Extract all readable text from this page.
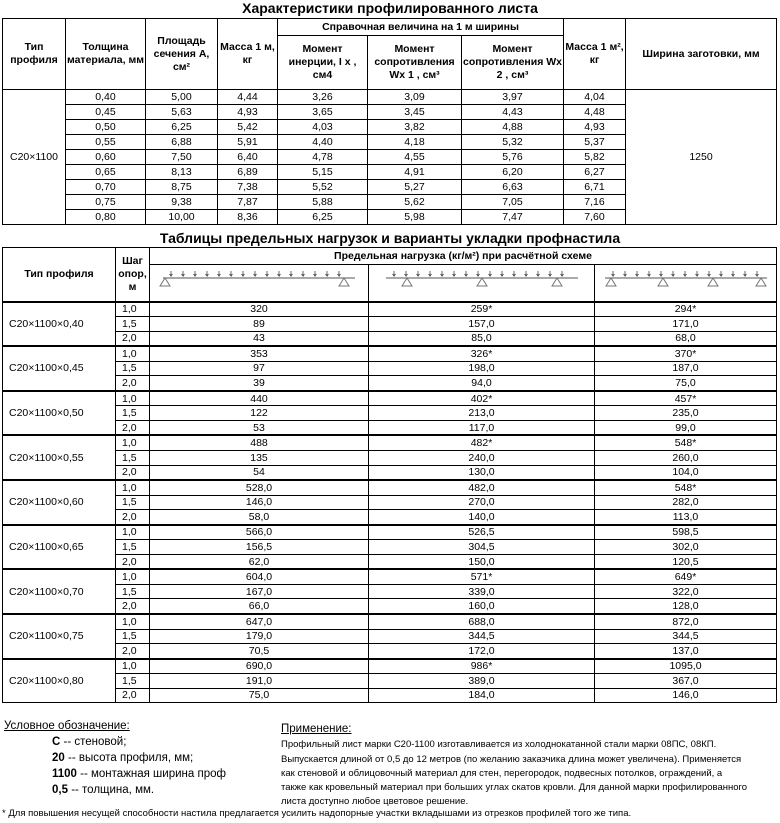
Характеристики профилированного листа
Тип профиля	Толщина материала, мм	Площадь сечения А, см²	Масса 1 м, кг	Справочная величина на 1 м ширины			Масса 1 м², кг	Ширина заготовки, мм
				Момент инерции, I x , см4	Момент сопротивления Wx 1 , см³	Момент сопротивления Wx 2 , см³		
С20×1100	0,40	5,00	4,44	3,26	3,09	3,97	4,04	1250
	0,45	5,63	4,93	3,65	3,45	4,43	4,48	
	0,50	6,25	5,42	4,03	3,82	4,88	4,93	
	0,55	6,88	5,91	4,40	4,18	5,32	5,37	
	0,60	7,50	6,40	4,78	4,55	5,76	5,82	
	0,65	8,13	6,89	5,15	4,91	6,20	6,27	
	0,70	8,75	7,38	5,52	5,27	6,63	6,71	
	0,75	9,38	7,87	5,88	5,62	7,05	7,16	
	0,80	10,00	8,36	6,25	5,98	7,47	7,60	
Таблицы предельных нагрузок и варианты укладки профнастила
Тип профиля	Шаг опор, м	Предельная нагрузка (кг/м²) при расчётной схеме		

С20×1100×0,40	1,0	320	259*	294*
	1,5	89	157,0	171,0
	2,0	43	85,0	68,0
С20×1100×0,45	1,0	353	326*	370*
	1,5	97	198,0	187,0
	2,0	39	94,0	75,0
С20×1100×0,50	1,0	440	402*	457*
	1,5	122	213,0	235,0
	2,0	53	117,0	99,0
С20×1100×0,55	1,0	488	482*	548*
	1,5	135	240,0	260,0
	2,0	54	130,0	104,0
С20×1100×0,60	1,0	528,0	482,0	548*
	1,5	146,0	270,0	282,0
	2,0	58,0	140,0	113,0
С20×1100×0,65	1,0	566,0	526,5	598,5
	1,5	156,5	304,5	302,0
	2,0	62,0	150,0	120,5
С20×1100×0,70	1,0	604,0	571*	649*
	1,5	167,0	339,0	322,0
	2,0	66,0	160,0	128,0
С20×1100×0,75	1,0	647,0	688,0	872,0
	1,5	179,0	344,5	344,5
	2,0	70,5	172,0	137,0
С20×1100×0,80	1,0	690,0	986*	1095,0
	1,5	191,0	389,0	367,0
	2,0	75,0	184,0	146,0
Условное обозначение:
С -- стеновой;
20 -- высота профиля, мм;
1100 -- монтажная ширина проф
0,5 -- толщина, мм.
Применение:
Профильный лист марки С20-1100 изготавливается из холоднокатанной стали марки 08ПС, 08КП.
Выпускается длиной от 0,5 до 12 метров (по желанию заказчика длина может увеличена). Применяется
как стеновой и облицовочный материал для стен, перегородок, подвесных потолков, ограждений, а
также как кровельный материал при больших углах скатов кровли. Для данной марки профилированного
листа доступно любое цветовое решение.
* Для повышения несущей способности настила предлагается усилить надопорные участки вкладышами из отрезков профилей того же типа.
